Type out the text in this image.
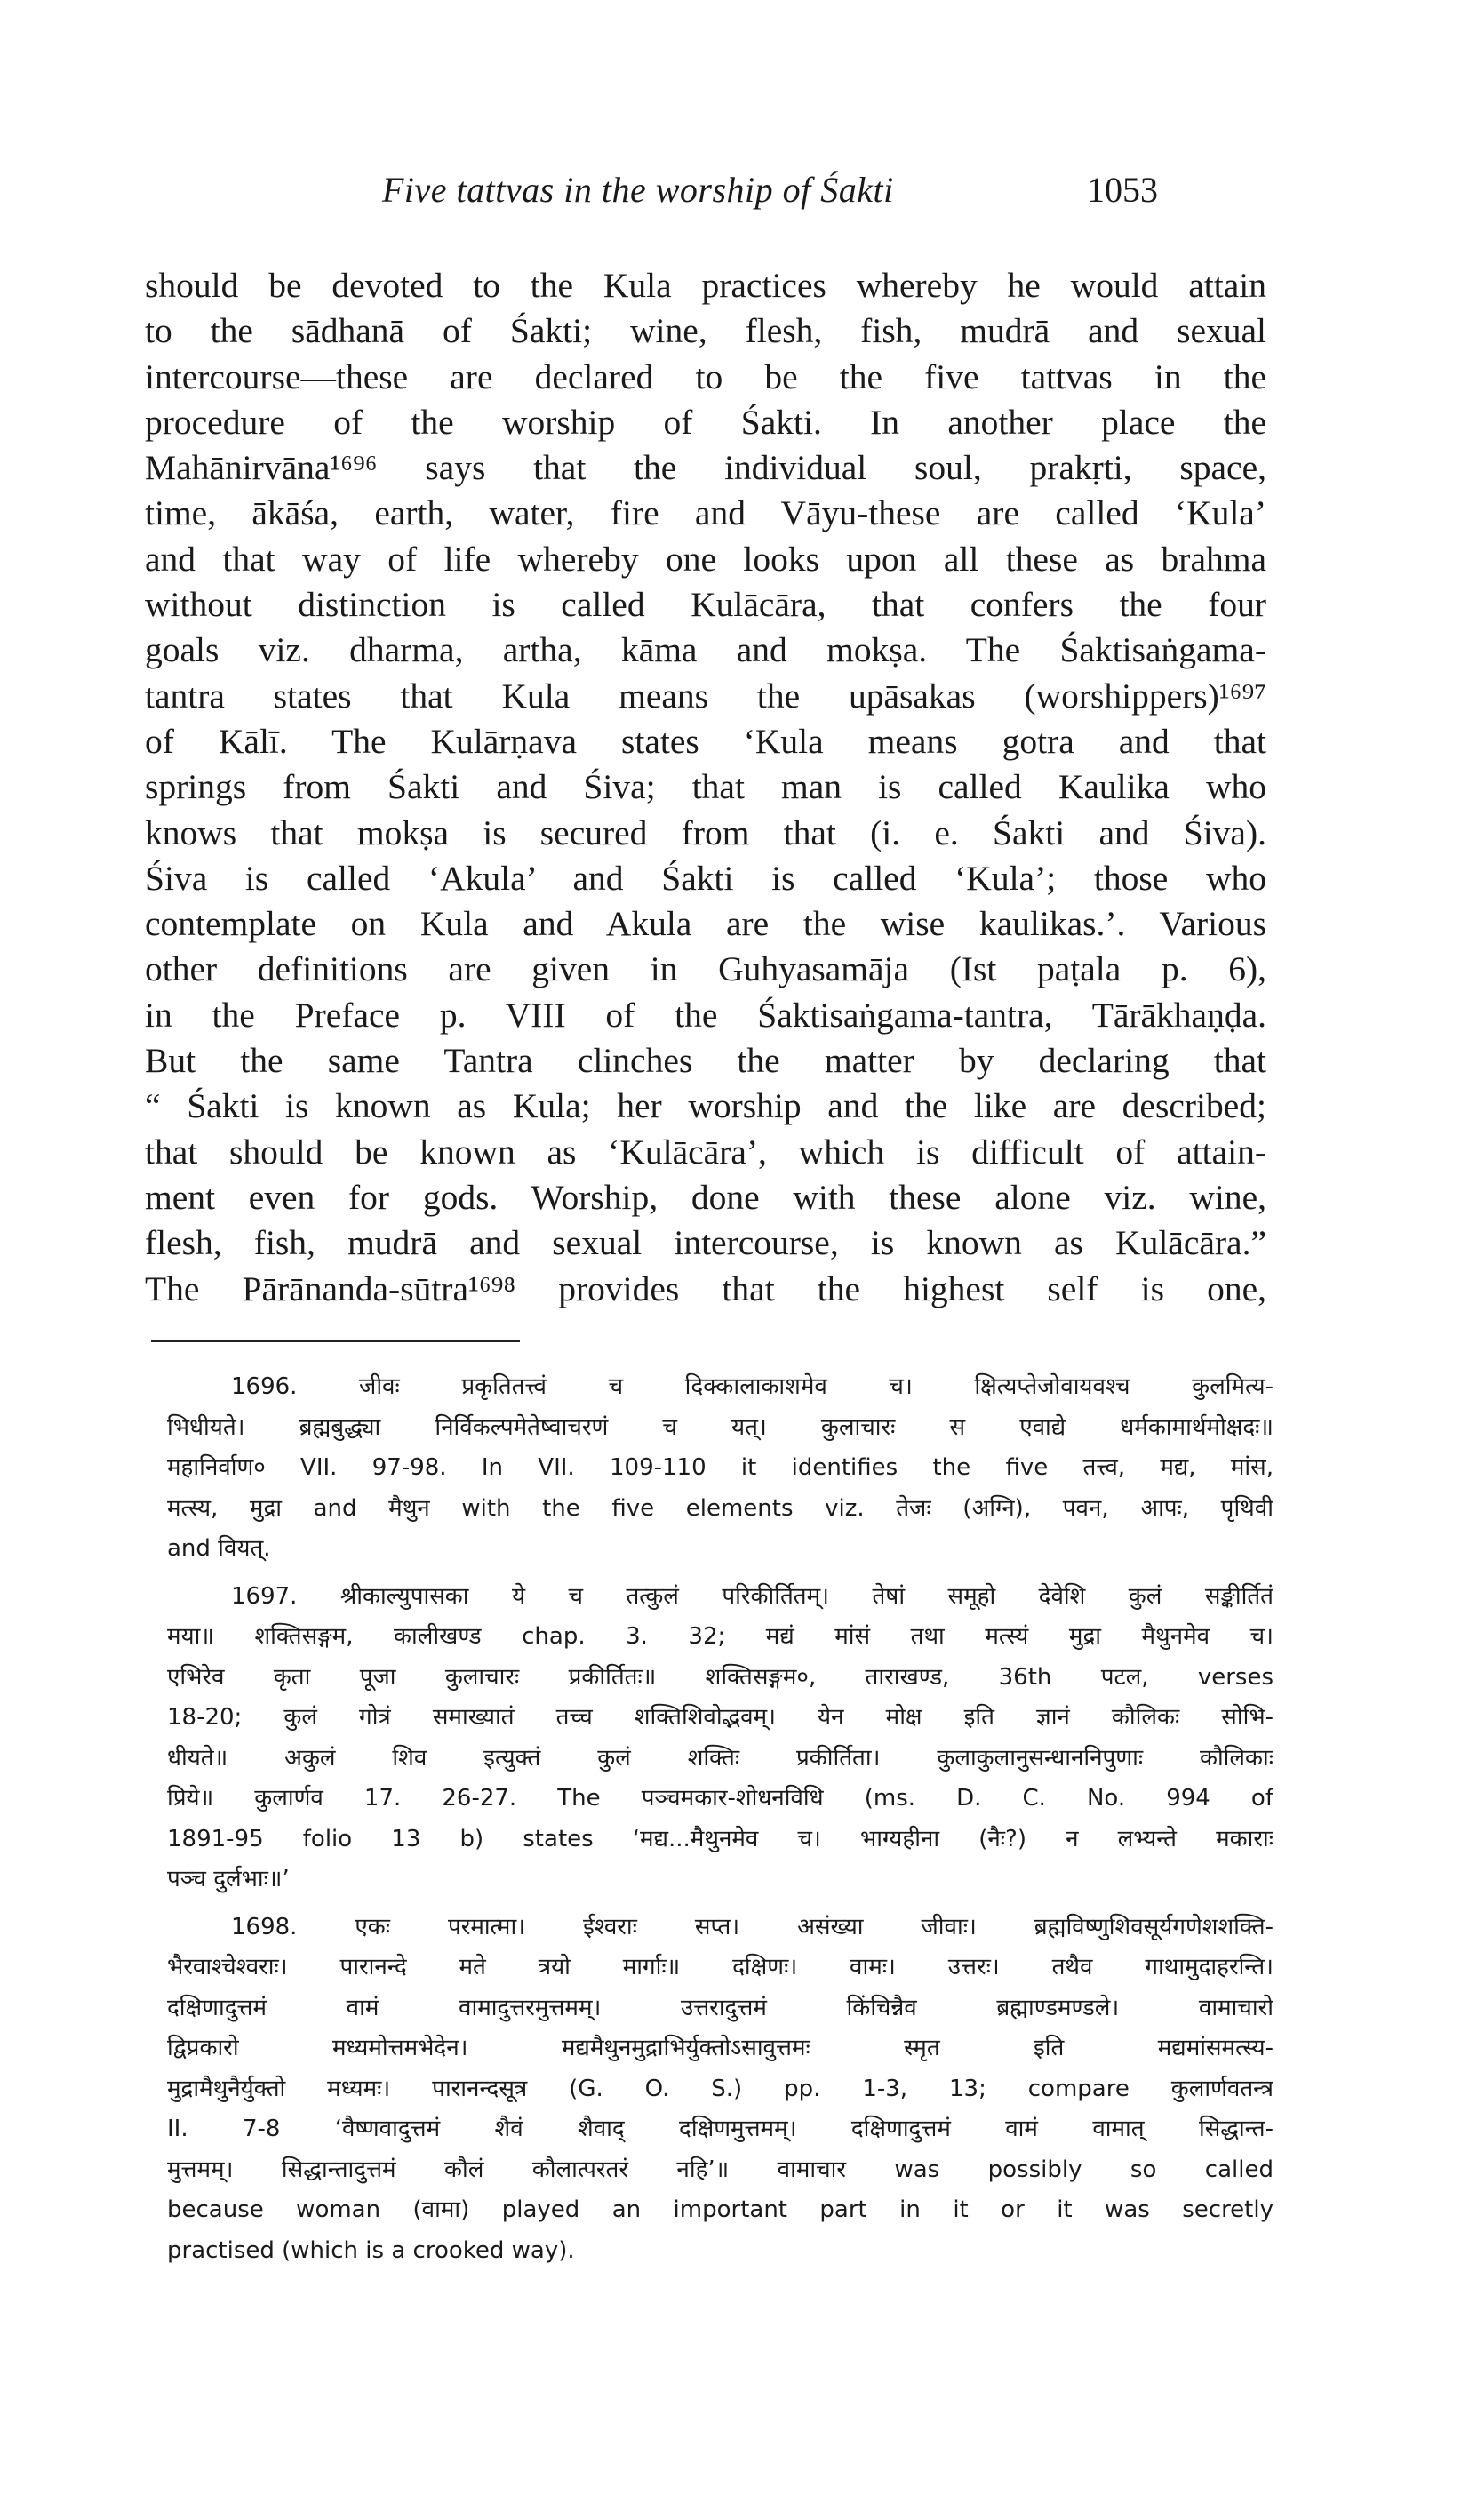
Five tattvas in the worship of Śakti	1053
should be devoted to the Kula practices whereby he would attain
to the sādhanā of Śakti; wine, flesh, fish, mudrā and sexual
intercourse—these are declared to be the five tattvas in the
procedure of the worship of Śakti. In another place the
Mahānirvāna¹⁶⁹⁶ says that the individual soul, prakṛti, space,
time, ākāśa, earth, water, fire and Vāyu-these are called ‘Kula’
and that way of life whereby one looks upon all these as brahma
without distinction is called Kulācāra, that confers the four
goals viz. dharma, artha, kāma and mokṣa. The Śaktisaṅgama-
tantra states that Kula means the upāsakas (worshippers)¹⁶⁹⁷
of Kālī. The Kulārṇava states ‘Kula means gotra and that
springs from Śakti and Śiva; that man is called Kaulika who
knows that mokṣa is secured from that (i. e. Śakti and Śiva).
Śiva is called ‘Akula’ and Śakti is called ‘Kula’; those who
contemplate on Kula and Akula are the wise kaulikas.’. Various
other definitions are given in Guhyasamāja (Ist paṭala p. 6),
in the Preface p. VIII of the Śaktisaṅgama-tantra, Tārākhaṇḍa.
But the same Tantra clinches the matter by declaring that
“ Śakti is known as Kula; her worship and the like are described;
that should be known as ‘Kulācāra’, which is difficult of attain-
ment even for gods. Worship, done with these alone viz. wine,
flesh, fish, mudrā and sexual intercourse, is known as Kulācāra.”
The Pārānanda-sūtra¹⁶⁹⁸ provides that the highest self is one,
1696. जीवः प्रकृतितत्त्वं च दिक्कालाकाशमेव च। क्षित्यप्तेजोवायवश्च कुलमित्य-
भिधीयते। ब्रह्मबुद्ध्या निर्विकल्पमेतेष्वाचरणं च यत्। कुलाचारः स एवाद्ये धर्मकामार्थमोक्षदः॥
महानिर्वाण० VII. 97-98. In VII. 109-110 it identifies the five तत्त्व, मद्य, मांस,
मत्स्य, मुद्रा and मैथुन with the five elements viz. तेजः (अग्नि), पवन, आपः, पृथिवी
and वियत्.
1697. श्रीकाल्युपासका ये च तत्कुलं परिकीर्तितम्। तेषां समूहो देवेशि कुलं सङ्कीर्तितं
मया॥ शक्तिसङ्गम, कालीखण्ड chap. 3. 32; मद्यं मांसं तथा मत्स्यं मुद्रा मैथुनमेव च।
एभिरेव कृता पूजा कुलाचारः प्रकीर्तितः॥ शक्तिसङ्गम०, ताराखण्ड, 36th पटल, verses
18-20; कुलं गोत्रं समाख्यातं तच्च शक्तिशिवोद्भवम्। येन मोक्ष इति ज्ञानं कौलिकः सोभि-
धीयते॥ अकुलं शिव इत्युक्तं कुलं शक्तिः प्रकीर्तिता। कुलाकुलानुसन्धाननिपुणाः कौलिकाः
प्रिये॥ कुलार्णव 17. 26-27. The पञ्चमकार-शोधनविधि (ms. D. C. No. 994 of
1891-95 folio 13 b) states ‘मद्य...मैथुनमेव च। भाग्यहीना (नैः?) न लभ्यन्ते मकाराः
पञ्च दुर्लभाः॥’
1698. एकः परमात्मा। ईश्वराः सप्त। असंख्या जीवाः। ब्रह्मविष्णुशिवसूर्यगणेशशक्ति-
भैरवाश्चेश्वराः। पारानन्दे मते त्रयो मार्गाः॥ दक्षिणः। वामः। उत्तरः। तथैव गाथामुदाहरन्ति।
दक्षिणादुत्तमं वामं वामादुत्तरमुत्तमम्। उत्तरादुत्तमं किंचिन्नैव ब्रह्माण्डमण्डले। वामाचारो
द्विप्रकारो मध्यमोत्तमभेदेन। मद्यमैथुनमुद्राभिर्युक्तोऽसावुत्तमः स्मृत इति मद्यमांसमत्स्य-
मुद्रामैथुनैर्युक्तो मध्यमः। पारानन्दसूत्र (G. O. S.) pp. 1-3, 13; compare कुलार्णवतन्त्र
II. 7-8 ‘वैष्णवादुत्तमं शैवं शैवाद् दक्षिणमुत्तमम्। दक्षिणादुत्तमं वामं वामात् सिद्धान्त-
मुत्तमम्। सिद्धान्तादुत्तमं कौलं कौलात्परतरं नहि’॥ वामाचार was possibly so called
because woman (वामा) played an important part in it or it was secretly
practised (which is a crooked way).
